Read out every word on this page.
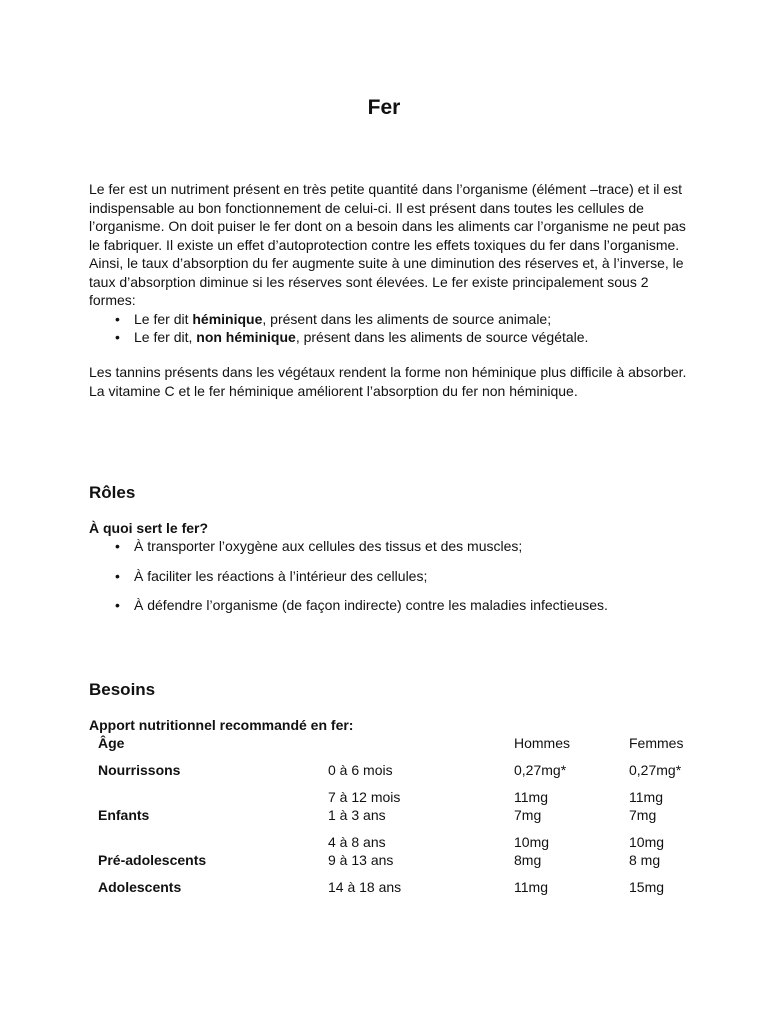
Fer

Le fer est un nutriment présent en très petite quantité dans l’organisme (élément –trace) et il est indispensable au bon fonctionnement de celui-ci. Il est présent dans toutes les cellules de l’organisme. On doit puiser le fer dont on a besoin dans les aliments car l’organisme ne peut pas le fabriquer. Il existe un effet d’autoprotection contre les effets toxiques du fer dans l’organisme. Ainsi, le taux d’absorption du fer augmente suite à une diminution des réserves et, à l’inverse, le taux d’absorption diminue si les réserves sont élevées. Le fer existe principalement sous 2 formes:

• Le fer dit héminique, présent dans les aliments de source animale;
• Le fer dit, non héminique, présent dans les aliments de source végétale.

Les tannins présents dans les végétaux rendent la forme non héminique plus difficile à absorber. La vitamine C et le fer héminique améliorent l’absorption du fer non héminique.

Rôles

À quoi sert le fer?

• À transporter l’oxygène aux cellules des tissus et des muscles;
• À faciliter les réactions à l’intérieur des cellules;
• À défendre l’organisme (de façon indirecte) contre les maladies infectieuses.
Besoins

Apport nutritionnel recommandé en fer:

Âge		Hommes	Femmes
Nourrissons	0 à 6 mois	0,27mg*	0,27mg*
	7 à 12 mois	11mg	11mg
Enfants	1 à 3 ans	7mg	7mg
	4 à 8 ans	10mg	10mg
Pré-adolescents	9 à 13 ans	8mg	8 mg
Adolescents	14 à 18 ans	11mg	15mg
